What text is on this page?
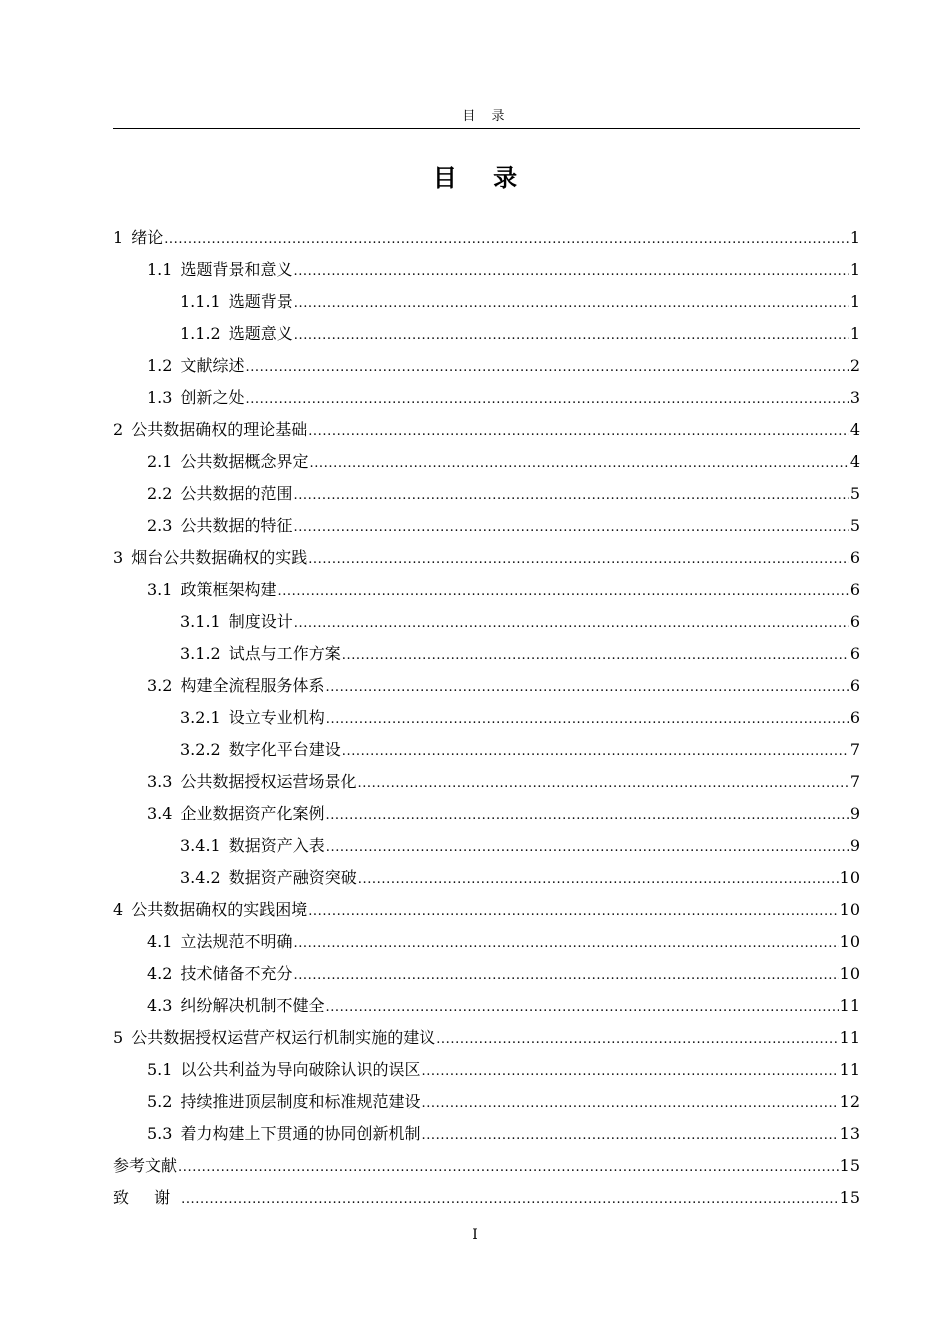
目 录
目 录
1 绪论 .....	1
1.1 选题背景和意义 .....	1
1.1.1 选题背景 .....	1
1.1.2 选题意义 .....	1
1.2 文献综述 .....	2
1.3 创新之处 .....	3
2 公共数据确权的理论基础 .....	4
2.1 公共数据概念界定 .....	4
2.2 公共数据的范围 .....	5
2.3 公共数据的特征 .....	5
3 烟台公共数据确权的实践 .....	6
3.1 政策框架构建 .....	6
3.1.1 制度设计 .....	6
3.1.2 试点与工作方案 .....	6
3.2 构建全流程服务体系 .....	6
3.2.1 设立专业机构 .....	6
3.2.2 数字化平台建设 .....	7
3.3 公共数据授权运营场景化 .....	7
3.4 企业数据资产化案例 .....	9
3.4.1 数据资产入表 .....	9
3.4.2 数据资产融资突破 .....	10
4 公共数据确权的实践困境 .....	10
4.1 立法规范不明确 .....	10
4.2 技术储备不充分 .....	10
4.3 纠纷解决机制不健全 .....	11
5 公共数据授权运营产权运行机制实施的建议 .....	11
5.1 以公共利益为导向破除认识的误区 .....	11
5.2 持续推进顶层制度和标准规范建设 .....	12
5.3 着力构建上下贯通的协同创新机制 .....	13
参考文献 .....	15
致 谢 .....	15
I
